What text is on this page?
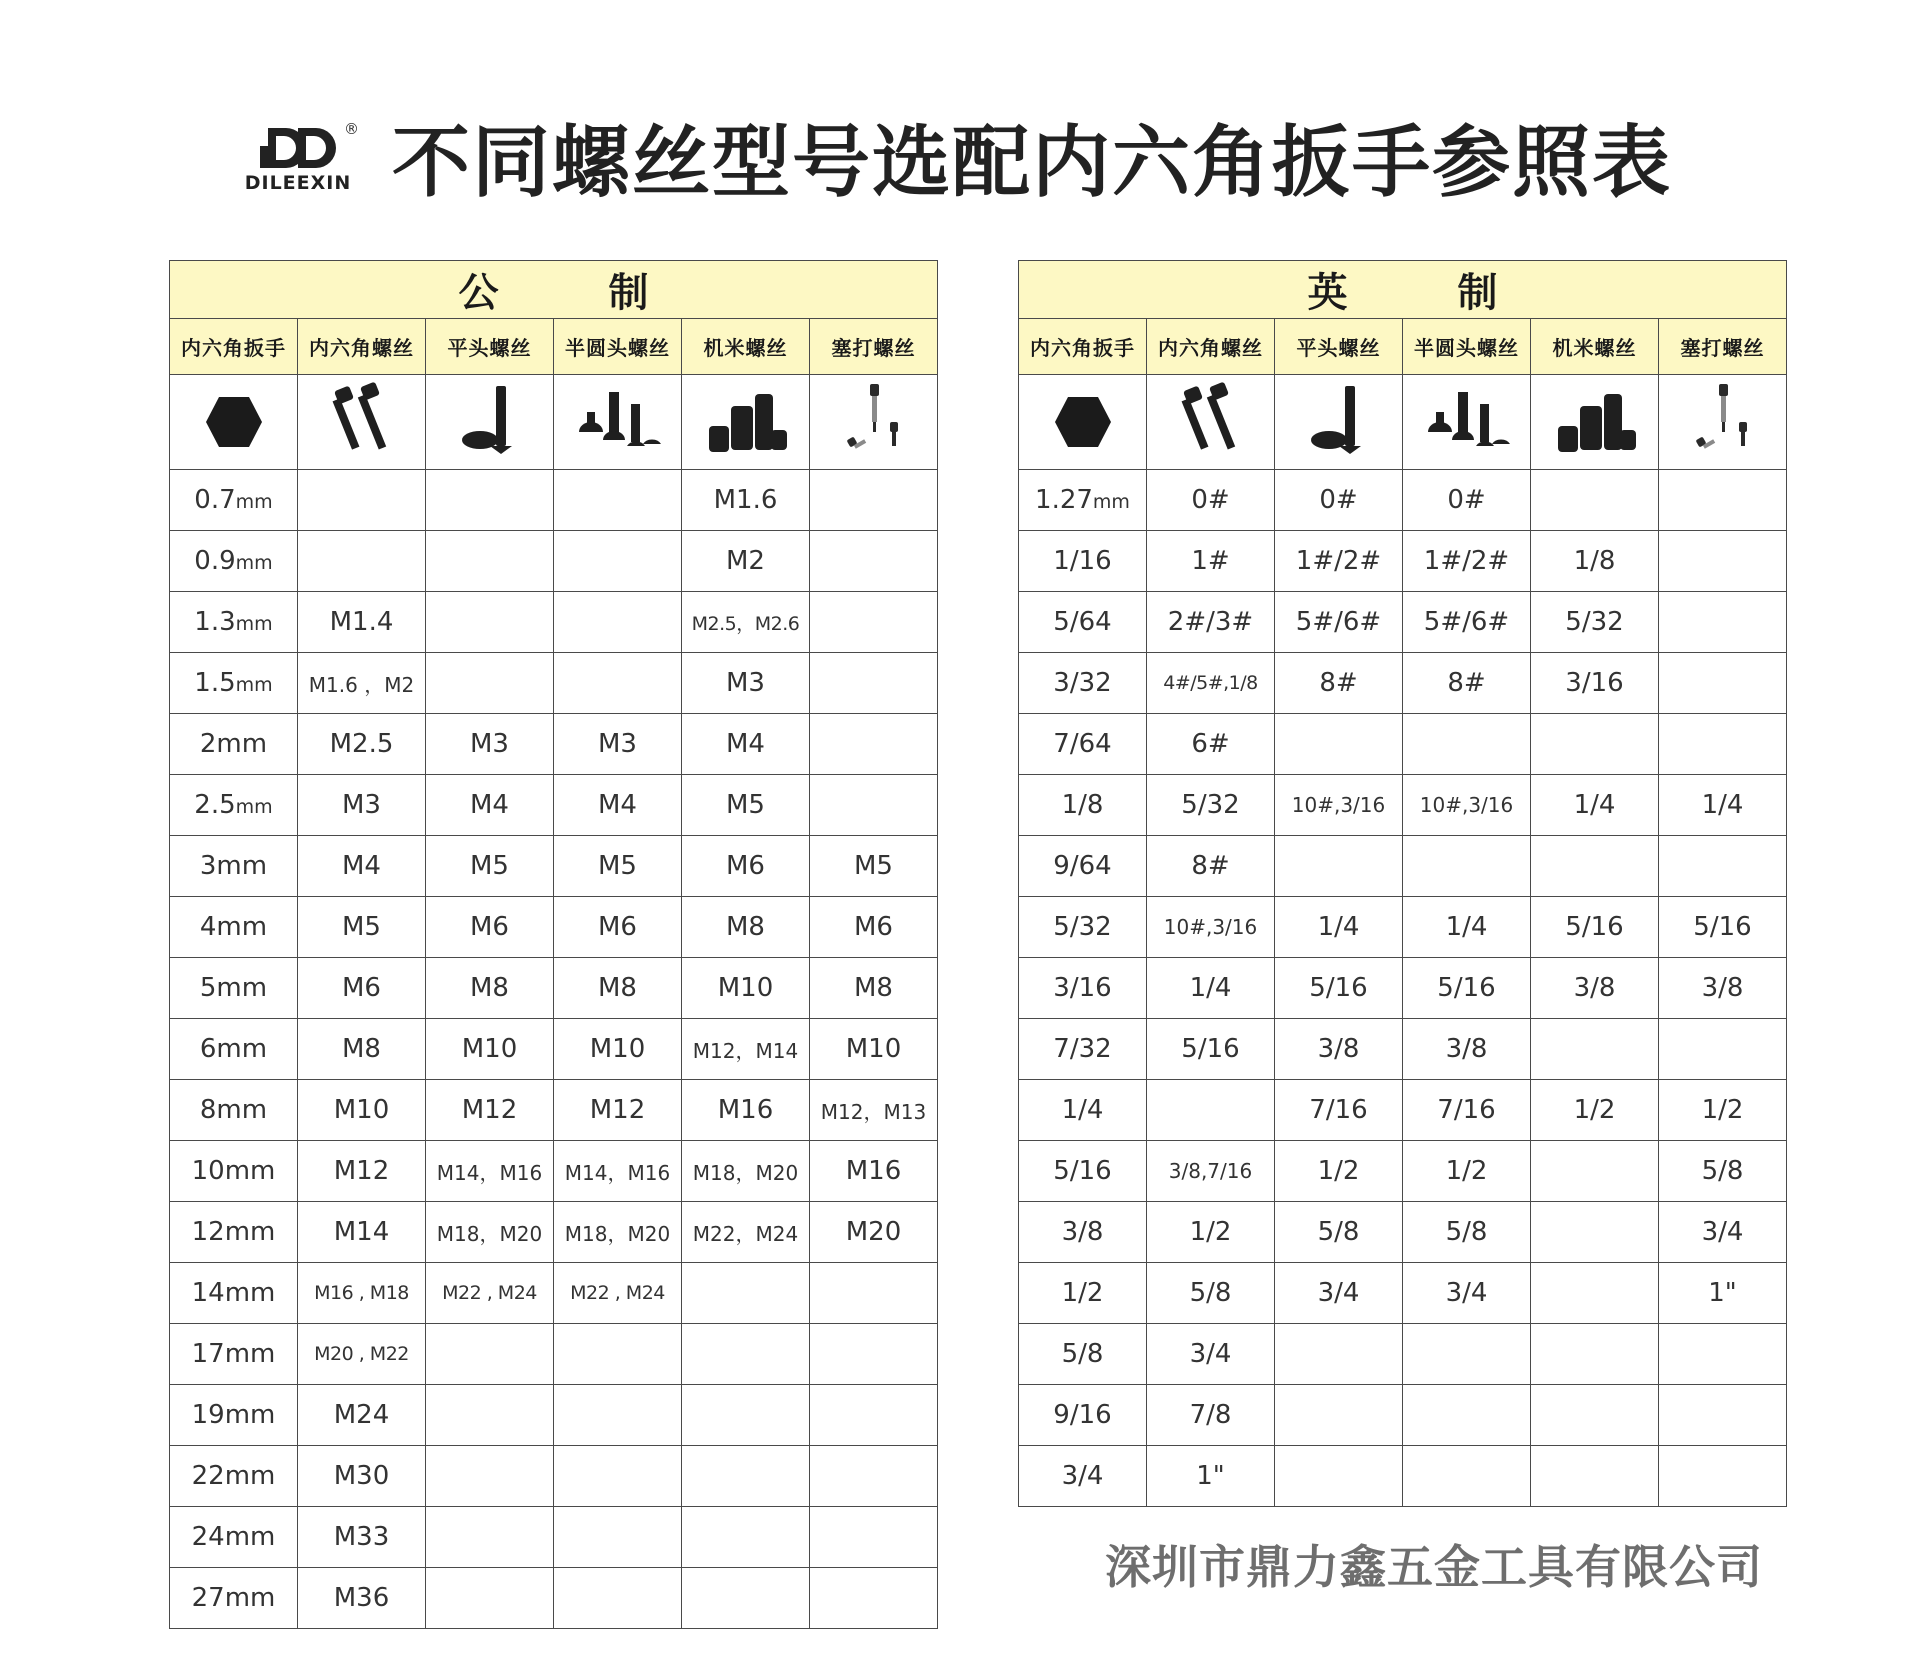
®
DILEEXIN 不同螺丝型号选配内六角扳手参照表
公制					
内六角扳手	内六角螺丝	平头螺丝	半圆头螺丝	机米螺丝	塞打螺丝

0.7mm				M1.6	
0.9mm				M2	
1.3mm	M1.4			M2.5，M2.6	
1.5mm	M1.6 ，M2			M3	
2mm	M2.5	M3	M3	M4	
2.5mm	M3	M4	M4	M5	
3mm	M4	M5	M5	M6	M5
4mm	M5	M6	M6	M8	M6
5mm	M6	M8	M8	M10	M8
6mm	M8	M10	M10	M12，M14	M10
8mm	M10	M12	M12	M16	M12，M13
10mm	M12	M14，M16	M14，M16	M18，M20	M16
12mm	M14	M18，M20	M18，M20	M22，M24	M20
14mm	M16 , M18	M22 , M24	M22 , M24		
17mm	M20 , M22				
19mm	M24				
22mm	M30				
24mm	M33				
27mm	M36				
英制					
内六角扳手	内六角螺丝	平头螺丝	半圆头螺丝	机米螺丝	塞打螺丝

1.27mm	0#	0#	0#		
1/16	1#	1#/2#	1#/2#	1/8	
5/64	2#/3#	5#/6#	5#/6#	5/32	
3/32	4#/5#,1/8	8#	8#	3/16	
7/64	6#				
1/8	5/32	10#,3/16	10#,3/16	1/4	1/4
9/64	8#				
5/32	10#,3/16	1/4	1/4	5/16	5/16
3/16	1/4	5/16	5/16	3/8	3/8
7/32	5/16	3/8	3/8		
1/4		7/16	7/16	1/2	1/2
5/16	3/8,7/16	1/2	1/2		5/8
3/8	1/2	5/8	5/8		3/4
1/2	5/8	3/4	3/4		1"
5/8	3/4				
9/16	7/8				
3/4	1"				
深圳市鼎力鑫五金工具有限公司
